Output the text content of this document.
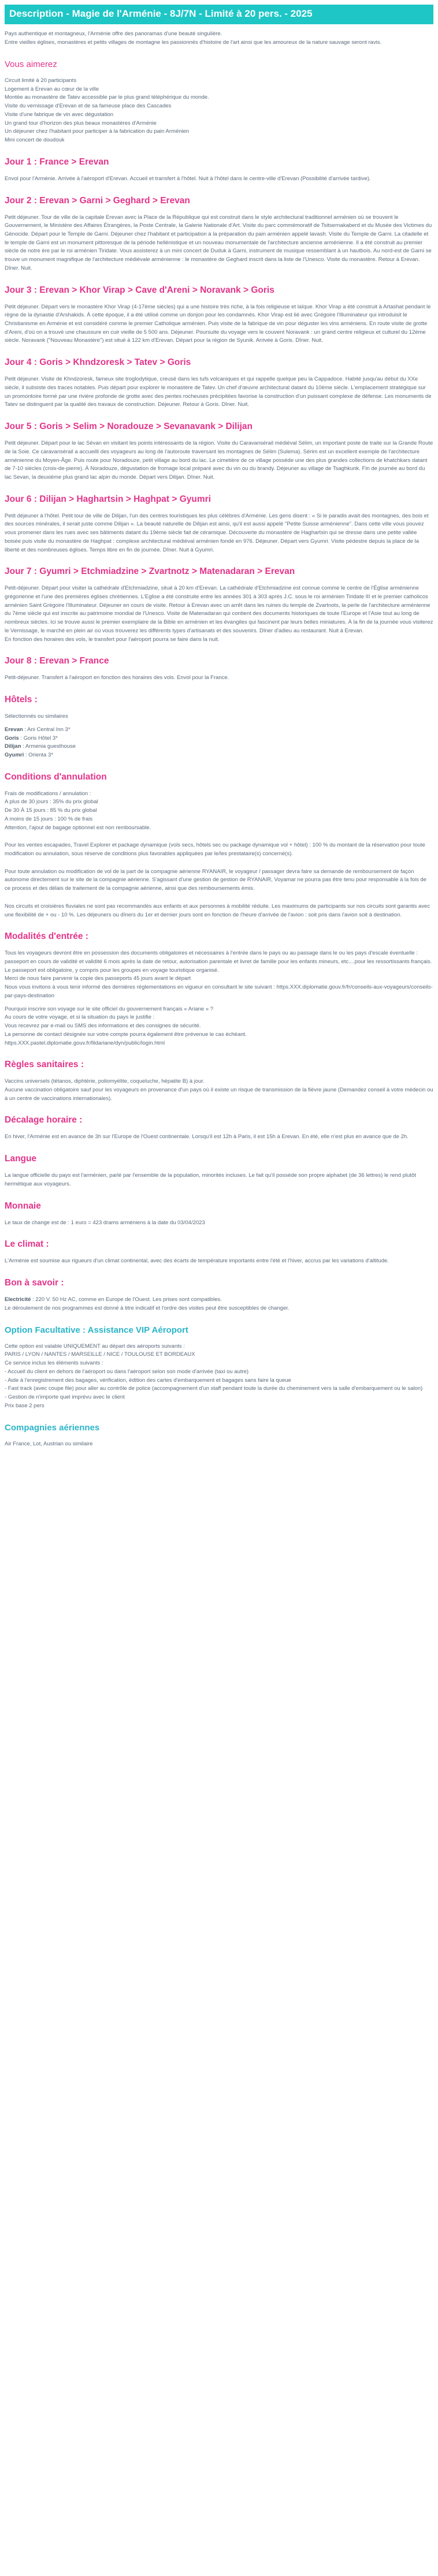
Description - Magie de l'Arménie - 8J/7N - Limité à 20 pers. - 2025

Pays authentique et montagneux, l'Arménie offre des panoramas d'une beauté singulière.

Entre vieilles églises, monastères et petits villages de montagne les passionnés d'histoire de l'art ainsi que les amoureux de la nature sauvage seront ravis.

Vous aimerez

Circuit limité à 20 participants

Logement à Erevan au cœur de la ville

Montée au monastère de Tatev accessible par le plus grand téléphérique du monde.

Visite du vernissage d'Erevan et de sa fameuse place des Cascades

Visite d'une fabrique de vin avec dégustation

Un grand tour d'horizon des plus beaux monastères d'Arménie

Un déjeuner chez l'habitant pour participer à la fabrication du pain Arménien

Mini concert de doudouk

Jour 1 : France > Erevan

Envol pour l'Arménie. Arrivée à l'aéroport d'Erevan. Accueil et transfert à l'hôtel. Nuit à l'hôtel dans le centre-ville d'Erevan (Possibilité d'arrivée tardive).

Jour 2 : Erevan > Garni > Geghard > Erevan

Petit déjeuner. Tour de ville de la capitale Erevan avec la Place de la République qui est construit dans le style architectural traditionnel arménien où se trouvent le Gouvernement, le Ministère des Affaires Étrangères, la Poste Centrale, la Galerie Nationale d'Art. Visite du parc commémoratif de Tsitsernakaberd et du Musée des Victimes du Génocide. Départ pour le Temple de Garni. Déjeuner chez l'habitant et participation à la préparation du pain arménien appelé lavash. Visite du Temple de Garni. La citadelle et le temple de Garni est un monument pittoresque de la période hellénistique et un nouveau monumentale de l'architecture ancienne arménienne. Il a été construit au premier siècle de notre ère par le roi arménien Tiridate. Vous assisterez à un mini concert de Duduk à Garni, instrument de musique ressemblant à un hautbois. Au nord-est de Garni se trouve un monument magnifique de l'architecture médiévale arménienne : le monastère de Geghard inscrit dans la liste de l'Unesco. Visite du monastère. Retour à Erevan. Dîner. Nuit.

Jour 3 : Erevan > Khor Virap > Cave d'Areni > Noravank > Goris

Petit déjeuner. Départ vers le monastère Khor Virap (4-17ème siècles) qui a une histoire très riche, à la fois religieuse et laïque. Khor Virap a été construit à Artashat pendant le règne de la dynastie d'Arshakids. À cette époque, il a été utilisé comme un donjon pour les condamnés. Khor Virap est lié avec Grégoire l'Illuminateur qui introduisit le Christianisme en Arménie et est considéré comme le premier Catholique arménien. Puis visite de la fabrique de vin pour déguster les vins arméniens. En route visite de grotte d'Areni, d'où on a trouvé une chaussure en cuir vieille de 5 500 ans. Déjeuner. Poursuite du voyage vers le couvent Noravank : un grand centre religieux et culturel du 12ème siècle. Noravank ("Nouveau Monastère") est situé à 122 km d'Erevan. Départ pour la région de Syunik. Arrivée à Goris. Dîner. Nuit.

Jour 4 : Goris > Khndzoresk > Tatev > Goris

Petit déjeuner. Visite de Khndzoresk, fameux site troglodytique, creusé dans les tufs volcaniques et qui rappelle quelque peu la Cappadoce. Habité jusqu'au début du XXe siècle, il subsiste des traces notables. Puis départ pour explorer le monastère de Tatev. Un chef d'œuvre architectural datant du 10ème siècle. L'emplacement stratégique sur un promontoire formé par une rivière profonde de grotte avec des pentes rocheuses précipitées favorise la construction d'un puissant complexe de défense. Les monuments de Tatev se distinguent par la qualité des travaux de construction. Déjeuner. Retour à Goris. Dîner. Nuit.

Jour 5 : Goris > Selim > Noradouze > Sevanavank > Dilijan

Petit déjeuner. Départ pour le lac Sévan en visitant les points intéressants de la région. Visite du Caravansérail médiéval Sélim, un important poste de traite sur la Grande Route de la Soie. Ce caravansérail a accueilli des voyageurs au long de l'autoroute traversant les montagnes de Sélim (Sulema). Sérim est un excellent exemple de l'architecture arménienne du Moyen-Âge. Puis route pour Noradouze, petit village au bord du lac. Le cimetière de ce village possède une des plus grandes collections de khatchkars datant de 7-10 siècles (croix-de-pierre). À Noradouze, dégustation de fromage local préparé avec du vin ou du brandy. Déjeuner au village de Tsaghkunk. Fin de journée au bord du lac Sevan, la deuxième plus grand lac alpin du monde. Départ vers Dilijan. Dîner. Nuit.

Jour 6 : Dilijan > Haghartsin > Haghpat > Gyumri

Petit déjeuner à l'hôtel. Petit tour de ville de Dilijan, l'un des centres touristiques les plus célèbres d'Arménie. Les gens disent : « Si le paradis avait des montagnes, des bois et des sources minérales, il serait juste comme Dilijan ». La beauté naturelle de Dilijan est ainsi, qu'il est aussi appelé "Petite Suisse arménienne". Dans cette ville vous pouvez vous promener dans les rues avec ses bâtiments datant du 19ème siècle fait de céramique. Découverte du monastère de Haghartsin qui se dresse dans une petite vallée boisée puis visite du monastère de Haghpat : complexe architectural médiéval arménien fondé en 976. Déjeuner. Départ vers Gyumri. Visite pédestre depuis la place de la liberté et des nombreuses églises. Temps libre en fin de journée. Dîner. Nuit à Gyumri.

Jour 7 : Gyumri > Etchmiadzine > Zvartnotz > Matenadaran > Erevan

Petit-déjeuner. Départ pour visiter la cathédrale d'Etchmiadzine, situé à 20 km d'Erevan. La cathédrale d'Etchmiadzine est connue comme le centre de l'Église arménienne grégorienne et l'une des premières églises chrétiennes. L'Eglise a été construite entre les années 301 à 303 après J.C. sous le roi arménien Tiridate III et le premier catholicos arménien Saint Grégoire l'Illuminateur. Déjeuner en cours de visite. Retour à Erevan avec un arrêt dans les ruines du temple de Zvartnots, la perle de l'architecture arménienne du 7ème siècle qui est inscrite au patrimoine mondial de l'Unesco. Visite de Matenadaran qui contient des documents historiques de toute l'Europe et l'Asie tout au long de nombreux siècles. Ici se trouve aussi le premier exemplaire de la Bible en arménien et les évangiles qui fascinent par leurs belles miniatures. À la fin de la journée vous visiterez le Vernissage, le marché en plein air où vous trouverez les différents types d'artisanats et des souvenirs. Dîner d'adieu au restaurant. Nuit à Erevan.

En fonction des horaires des vols, le transfert pour l'aéroport pourra se faire dans la nuit.

Jour 8 : Erevan > France

Petit-déjeuner. Transfert à l'aéroport en fonction des horaires des vols. Envol pour la France.

Hôtels :

Sélectionnés ou similaires

Erevan : Ani Central Inn 3*

Goris : Goris Hôtel 3*

Dilijan : Armenia guesthouse

Gyumri : Orienta 3*

Conditions d'annulation

Frais de modifications / annulation :

A plus de 30 jours : 35% du prix global

De 30 À 15 jours : 85 % du prix global

A moins de 15 jours : 100 % de frais

Attention, l'ajout de bagage optionnel est non remboursable.

Pour les ventes escapades, Travel Explorer et package dynamique (vols secs, hôtels sec ou package dynamique vol + hôtel) : 100 % du montant de la réservation pour toute modification ou annulation, sous réserve de conditions plus favorables appliquées par le/les prestataire(s) concerné(s).

Pour toute annulation ou modification de vol de la part de la compagnie aérienne RYANAIR, le voyageur / passager devra faire sa demande de remboursement de façon autonome directement sur le site de la compagnie aérienne. S'agissant d'une gestion de gestion de RYANAIR, Voyamar ne pourra pas être tenu pour responsable à la fois de ce process et des délais de traitement de la compagnie aérienne, ainsi que des remboursements émis.

Nos circuits et croisières fluviales ne sont pas recommandés aux enfants et aux personnes à mobilité réduite. Les maximums de participants sur nos circuits sont garantis avec une flexibilité de + ou - 10 %. Les déjeuners ou dîners du 1er et dernier jours sont en fonction de l'heure d'arrivée de l'avion : soit pris dans l'avion soit à destination.

Modalités d'entrée :

Tous les voyageurs devront être en possession des documents obligatoires et nécessaires à l'entrée dans le pays ou au passage dans le ou les pays d'escale éventuelle : passeport en cours de validité et validité 6 mois après la date de retour, autorisation parentale et livret de famille pour les enfants mineurs, etc....pour les ressortissants français.

Le passeport est obligatoire, y compris pour les groupes en voyage touristique organisé.

Merci de nous faire parvenir la copie des passeports 45 jours avant le départ

Nous vous invitons à vous tenir informé des dernières réglementations en vigueur en consultant le site suivant : https.XXX.diplomatie.gouv.fr/fr/conseils-aux-voyageurs/conseils-par-pays-destination

Pourquoi inscrire son voyage sur le site officiel du gouvernement français « Ariane » ?

Au cours de votre voyage, et si la situation du pays le justifie :

Vous recevrez par e-mail ou SMS des informations et des consignes de sécurité.

La personne de contact désignée sur votre compte pourra également être prévenue le cas échéant.

https.XXX.pastel.diplomatie.gouv.fr/fildariane/dyn/public/login.html

Règles sanitaires :

Vaccins universels (tétanos, diphtérie, poliomyélite, coqueluche, hépatite B) à jour.

Aucune vaccination obligatoire sauf pour les voyageurs en provenance d'un pays où il existe un risque de transmission de la fièvre jaune (Demandez conseil à votre médecin ou à un centre de vaccinations internationales).

Décalage horaire :

En hiver, l'Arménie est en avance de 3h sur l'Europe de l'Ouest continentale. Lorsqu'il est 12h à Paris, il est 15h à Erevan. En été, elle n'est plus en avance que de 2h.

Langue

La langue officielle du pays est l'arménien, parlé par l'ensemble de la population, minorités incluses. Le fait qu'il possède son propre alphabet (de 36 lettres) le rend plutôt hermétique aux voyageurs.

Monnaie

Le taux de change est de : 1 euro = 423 drams arméniens à la date du 03/04/2023

Le climat :

L'Arménie est soumise aux rigueurs d'un climat continental, avec des écarts de température importants entre l'été et l'hiver, accrus par les variations d'altitude.

Bon à savoir :

Electricité : 220 V. 50 Hz AC, comme en Europe de l'Ouest. Les prises sont compatibles.

Le déroulement de nos programmes est donné à titre indicatif et l'ordre des visites peut être susceptibles de changer.

Option Facultative : Assistance VIP Aéroport

Cette option est valable UNIQUEMENT au départ des aéroports suivants :

PARIS / LYON / NANTES / MARSEILLE / NICE / TOULOUSE ET BORDEAUX

Ce service inclus les éléments suivants :

- Accueil du client en dehors de l'aéroport ou dans l'aéroport selon son mode d'arrivée (taxi ou autre)

- Aide à l'enregistrement des bagages, vérification, édition des cartes d'embarquement et bagages sans faire la queue

- Fast track (avec coupe file) pour aller au contrôle de police (accompagnement d'un staff pendant toute la durée du cheminement vers la salle d'embarquement ou le salon)

- Gestion de n'importe quel imprévu avec le client

Prix base 2 pers

Compagnies aériennes

Air France, Lot, Austrian ou similaire
